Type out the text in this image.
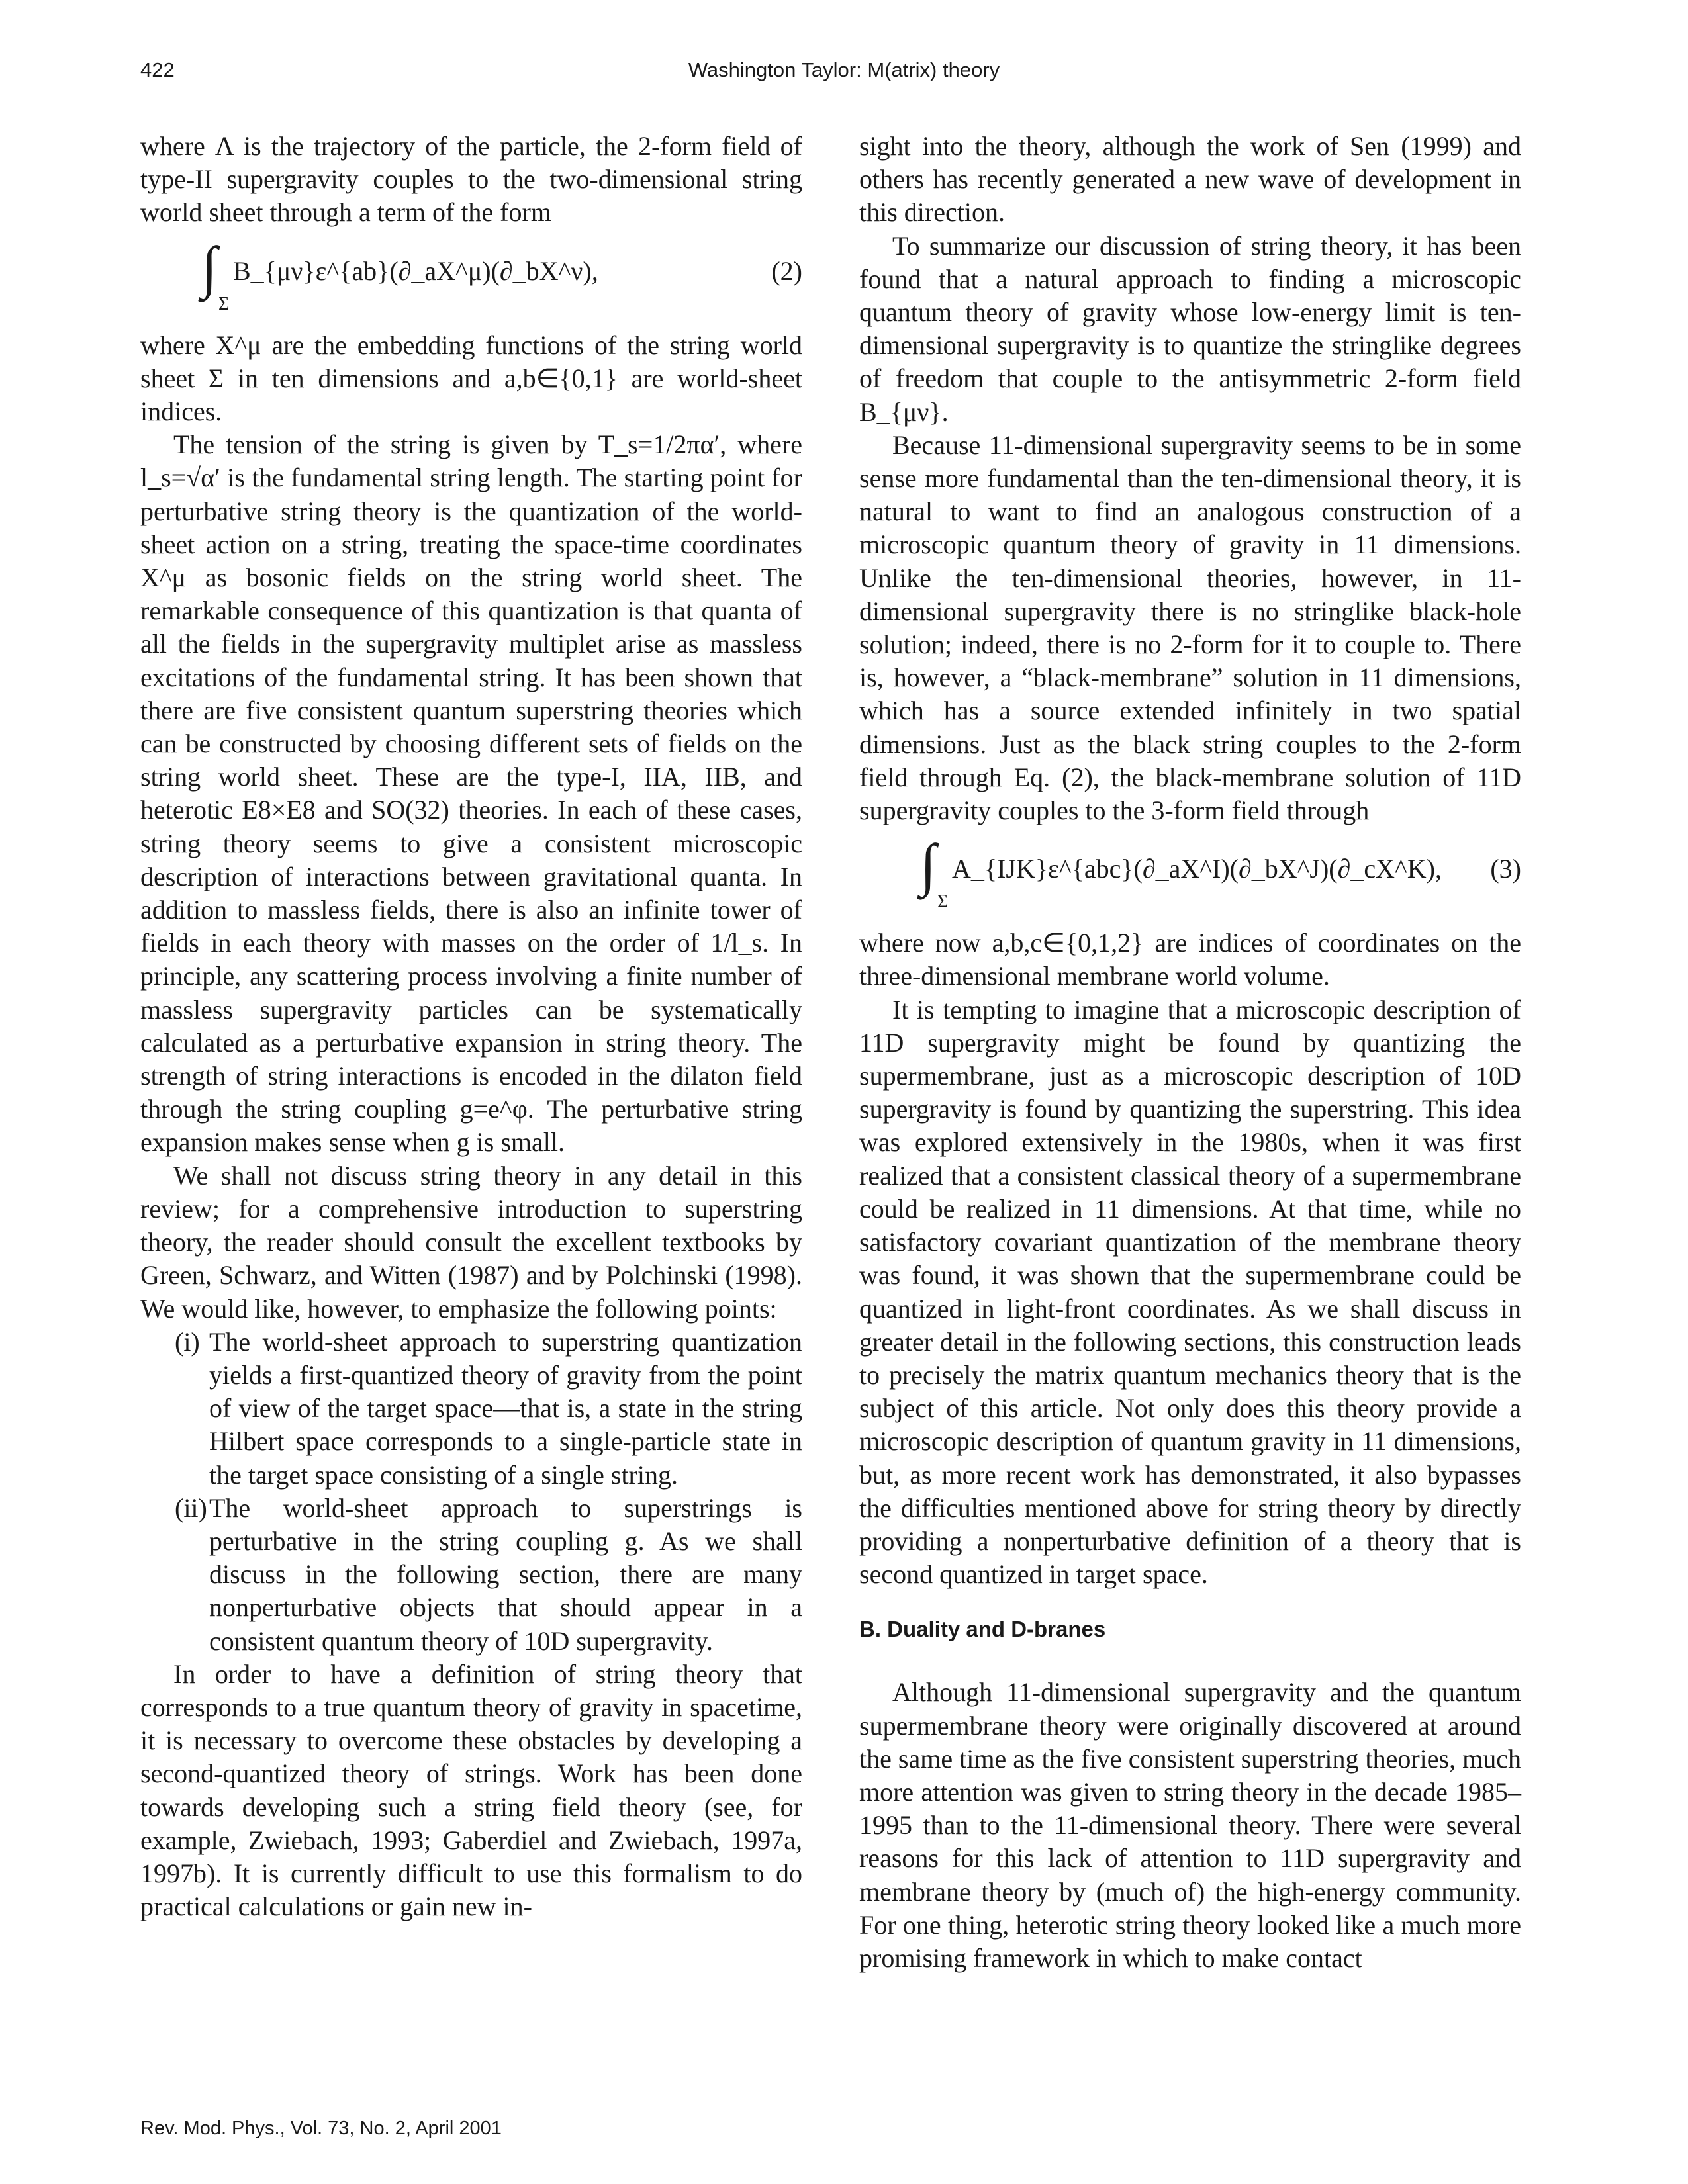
422	Washington Taylor: M(atrix) theory

where Λ is the trajectory of the particle, the 2-form field of type-II supergravity couples to the two-dimensional string world sheet through a term of the form

∫
Σ
B_{μν}ε^{ab}(∂_aX^μ)(∂_bX^ν),	(2)

where X^μ are the embedding functions of the string world sheet Σ in ten dimensions and a,b∈{0,1} are world-sheet indices.

The tension of the string is given by T_s=1/2πα′, where l_s=√α′ is the fundamental string length. The starting point for perturbative string theory is the quantization of the world-sheet action on a string, treating the space-time coordinates X^μ as bosonic fields on the string world sheet. The remarkable consequence of this quantization is that quanta of all the fields in the supergravity multiplet arise as massless excitations of the fundamental string. It has been shown that there are five consistent quantum superstring theories which can be constructed by choosing different sets of fields on the string world sheet. These are the type-I, IIA, IIB, and heterotic E8×E8 and SO(32) theories. In each of these cases, string theory seems to give a consistent microscopic description of interactions between gravitational quanta. In addition to massless fields, there is also an infinite tower of fields in each theory with masses on the order of 1/l_s. In principle, any scattering process involving a finite number of massless supergravity particles can be systematically calculated as a perturbative expansion in string theory. The strength of string interactions is encoded in the dilaton field through the string coupling g=e^φ. The perturbative string expansion makes sense when g is small.

We shall not discuss string theory in any detail in this review; for a comprehensive introduction to superstring theory, the reader should consult the excellent textbooks by Green, Schwarz, and Witten (1987) and by Polchinski (1998). We would like, however, to emphasize the following points:

(i) The world-sheet approach to superstring quantization yields a first-quantized theory of gravity from the point of view of the target space—that is, a state in the string Hilbert space corresponds to a single-particle state in the target space consisting of a single string.
(ii) The world-sheet approach to superstrings is perturbative in the string coupling g. As we shall discuss in the following section, there are many nonperturbative objects that should appear in a consistent quantum theory of 10D supergravity.

In order to have a definition of string theory that corresponds to a true quantum theory of gravity in spacetime, it is necessary to overcome these obstacles by developing a second-quantized theory of strings. Work has been done towards developing such a string field theory (see, for example, Zwiebach, 1993; Gaberdiel and Zwiebach, 1997a, 1997b). It is currently difficult to use this formalism to do practical calculations or gain new in-

sight into the theory, although the work of Sen (1999) and others has recently generated a new wave of development in this direction.

To summarize our discussion of string theory, it has been found that a natural approach to finding a microscopic quantum theory of gravity whose low-energy limit is ten-dimensional supergravity is to quantize the stringlike degrees of freedom that couple to the antisymmetric 2-form field B_{μν}.

Because 11-dimensional supergravity seems to be in some sense more fundamental than the ten-dimensional theory, it is natural to want to find an analogous construction of a microscopic quantum theory of gravity in 11 dimensions. Unlike the ten-dimensional theories, however, in 11-dimensional supergravity there is no stringlike black-hole solution; indeed, there is no 2-form for it to couple to. There is, however, a “black-membrane” solution in 11 dimensions, which has a source extended infinitely in two spatial dimensions. Just as the black string couples to the 2-form field through Eq. (2), the black-membrane solution of 11D supergravity couples to the 3-form field through

∫
Σ
A_{IJK}ε^{abc}(∂_aX^I)(∂_bX^J)(∂_cX^K), (3)

where now a,b,c∈{0,1,2} are indices of coordinates on the three-dimensional membrane world volume.

It is tempting to imagine that a microscopic description of 11D supergravity might be found by quantizing the supermembrane, just as a microscopic description of 10D supergravity is found by quantizing the superstring. This idea was explored extensively in the 1980s, when it was first realized that a consistent classical theory of a supermembrane could be realized in 11 dimensions. At that time, while no satisfactory covariant quantization of the membrane theory was found, it was shown that the supermembrane could be quantized in light-front coordinates. As we shall discuss in greater detail in the following sections, this construction leads to precisely the matrix quantum mechanics theory that is the subject of this article. Not only does this theory provide a microscopic description of quantum gravity in 11 dimensions, but, as more recent work has demonstrated, it also bypasses the difficulties mentioned above for string theory by directly providing a nonperturbative definition of a theory that is second quantized in target space.

B. Duality and D-branes

Although 11-dimensional supergravity and the quantum supermembrane theory were originally discovered at around the same time as the five consistent superstring theories, much more attention was given to string theory in the decade 1985–1995 than to the 11-dimensional theory. There were several reasons for this lack of attention to 11D supergravity and membrane theory by (much of) the high-energy community. For one thing, heterotic string theory looked like a much more promising framework in which to make contact

Rev. Mod. Phys., Vol. 73, No. 2, April 2001
